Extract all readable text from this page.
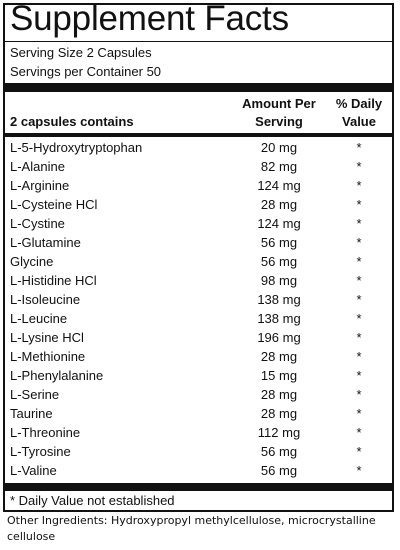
Supplement Facts
Serving Size 2 Capsules
Servings per Container 50
2 capsules contains
Amount Per
Serving
% Daily
Value
L-5-Hydroxytryptophan	20 mg	*
L-Alanine	82 mg	*
L-Arginine	124 mg	*
L-Cysteine HCl	28 mg	*
L-Cystine	124 mg	*
L-Glutamine	56 mg	*
Glycine	56 mg	*
L-Histidine HCl	98 mg	*
L-Isoleucine	138 mg	*
L-Leucine	138 mg	*
L-Lysine HCl	196 mg	*
L-Methionine	28 mg	*
L-Phenylalanine	15 mg	*
L-Serine	28 mg	*
Taurine	28 mg	*
L-Threonine	112 mg	*
L-Tyrosine	56 mg	*
L-Valine	56 mg	*
* Daily Value not established
Other Ingredients: Hydroxypropyl methylcellulose, microcrystalline cellulose
